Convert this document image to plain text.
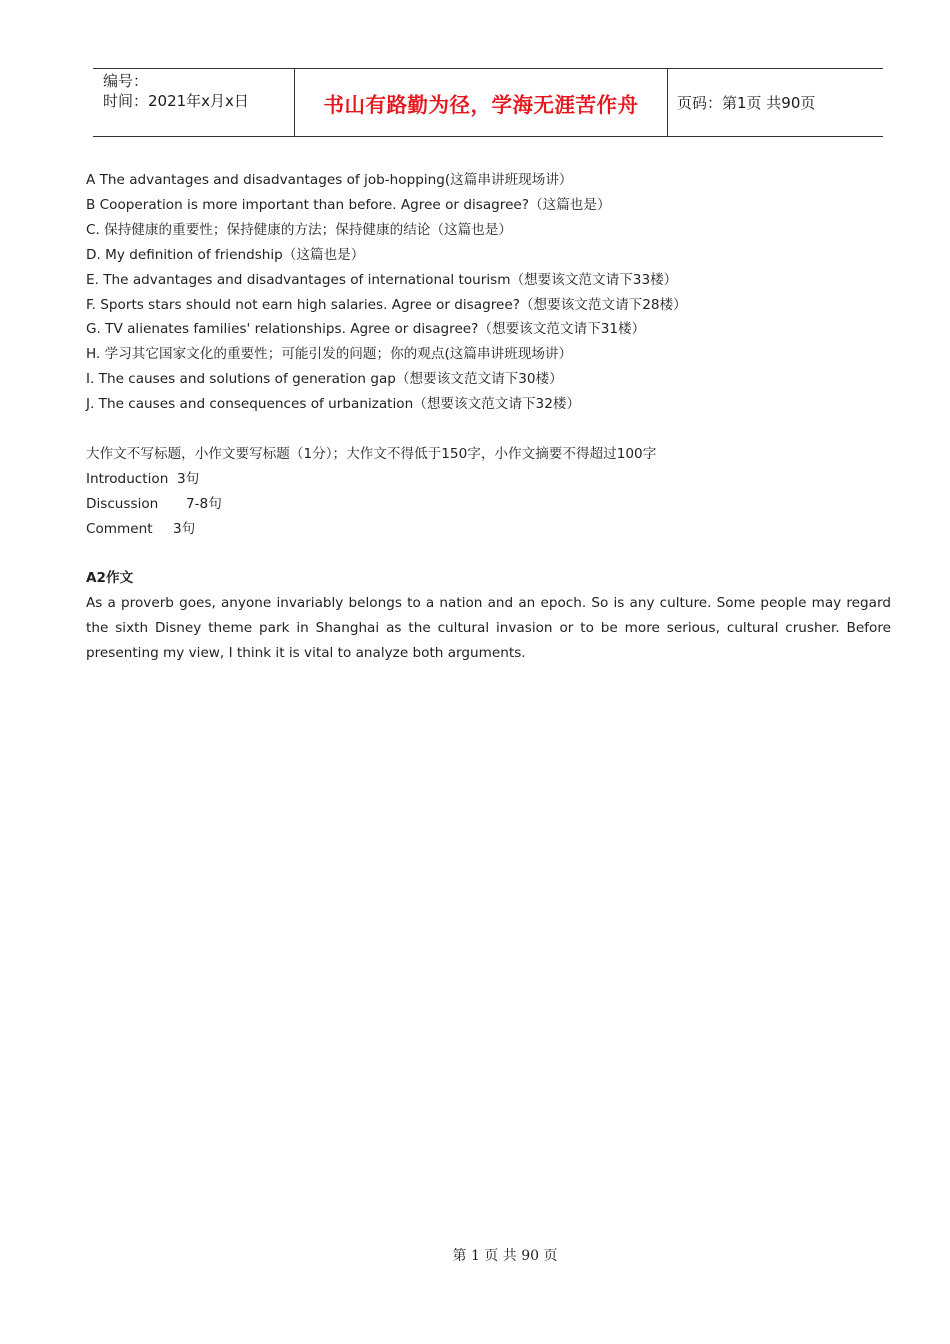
编号：
时间：2021年x月x日	书山有路勤为径，学海无涯苦作舟	页码：第1页 共90页

A The advantages and disadvantages of job-hopping(这篇串讲班现场讲）

B Cooperation is more important than before. Agree or disagree?（这篇也是）

C. 保持健康的重要性；保持健康的方法；保持健康的结论（这篇也是）

D. My definition of friendship（这篇也是）

E. The advantages and disadvantages of international tourism（想要该文范文请下33楼）

F. Sports stars should not earn high salaries. Agree or disagree?（想要该文范文请下28楼）

G. TV alienates families' relationships. Agree or disagree?（想要该文范文请下31楼）

H. 学习其它国家文化的重要性；可能引发的问题；你的观点(这篇串讲班现场讲）

I. The causes and solutions of generation gap（想要该文范文请下30楼）

J. The causes and consequences of urbanization（想要该文范文请下32楼）

大作文不写标题，小作文要写标题（1分）；大作文不得低于150字，小作文摘要不得超过100字

Introduction 3句

Discussion	7-8句

Comment	3句

A2作文

As a proverb goes, anyone invariably belongs to a nation and an epoch. So is any culture. Some people may regard the sixth Disney theme park in Shanghai as the cultural invasion or to be more serious, cultural crusher. Before presenting my view, I think it is vital to analyze both arguments.

第 1 页 共 90 页
